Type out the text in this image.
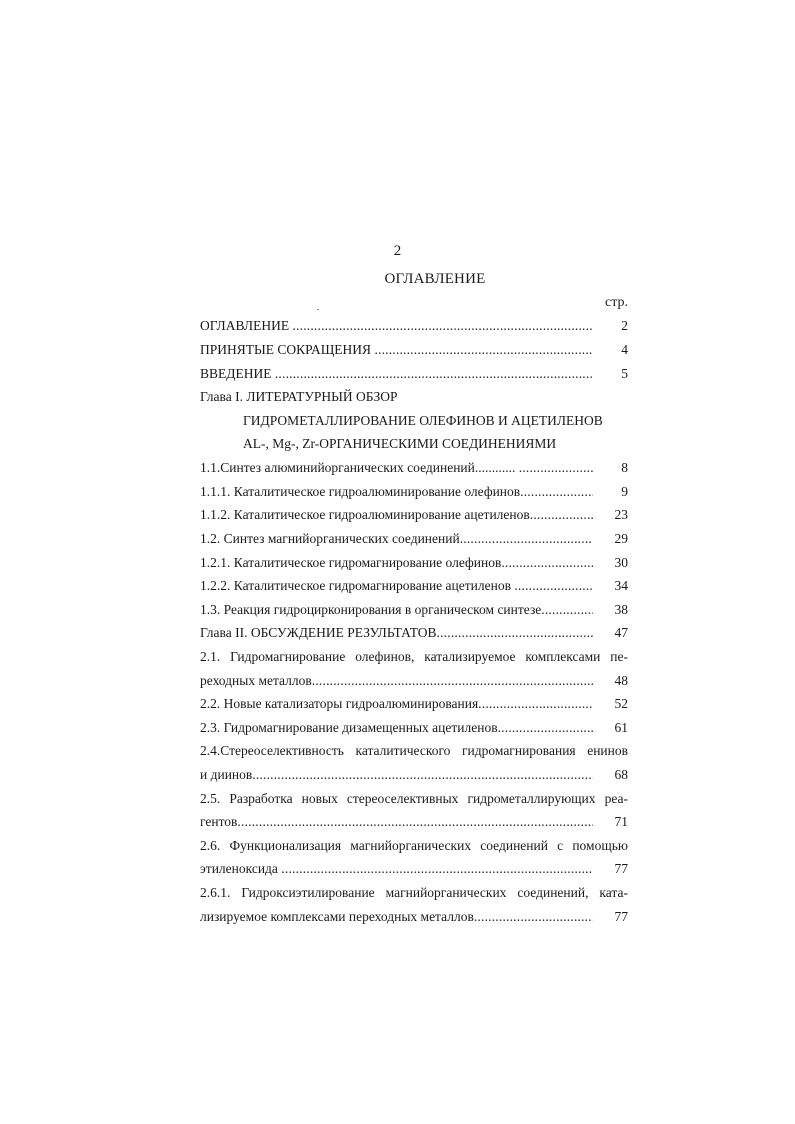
2
ОГЛАВЛЕНИЕ
стр.
ОГЛАВЛЕНИЕ .....	2
ПРИНЯТЫЕ СОКРАЩЕНИЯ .....	4
ВВЕДЕНИЕ .....	5
Глава I. ЛИТЕРАТУРНЫЙ ОБЗОР
ГИДРОМЕТАЛЛИРОВАНИЕ ОЛЕФИНОВ И АЦЕТИЛЕНОВ
AL-, Mg-, Zr-ОРГАНИЧЕСКИМИ СОЕДИНЕНИЯМИ
1.1.Синтез алюминийорганических соединений............ .....	8
1.1.1. Каталитическое гидроалюминирование олефинов .....	9
1.1.2. Каталитическое гидроалюминирование ацетиленов .....	23
1.2. Синтез магнийорганических соединений .....	29
1.2.1. Каталитическое гидромагнирование олефинов .....	30
1.2.2. Каталитическое гидромагнирование ацетиленов .....	34
1.3. Реакция гидроцирконирования в органическом синтезе .....	38
Глава II. ОБСУЖДЕНИЕ РЕЗУЛЬТАТОВ .....	47
2.1. Гидромагнирование олефинов, катализируемое комплексами пе-
реходных металлов .....	48
2.2. Новые катализаторы гидроалюминирования .....	52
2.3. Гидромагнирование дизамещенных ацетиленов .....	61
2.4.Стереоселективность каталитического гидромагнирования енинов
и диинов .....	68
2.5. Разработка новых стереоселективных гидрометаллирующих реа-
гентов .....	71
2.6. Функционализация магнийорганических соединений с помощью
этиленоксида .....	77
2.6.1. Гидроксиэтилирование магнийорганических соединений, ката-
лизируемое комплексами переходных металлов .....	77
